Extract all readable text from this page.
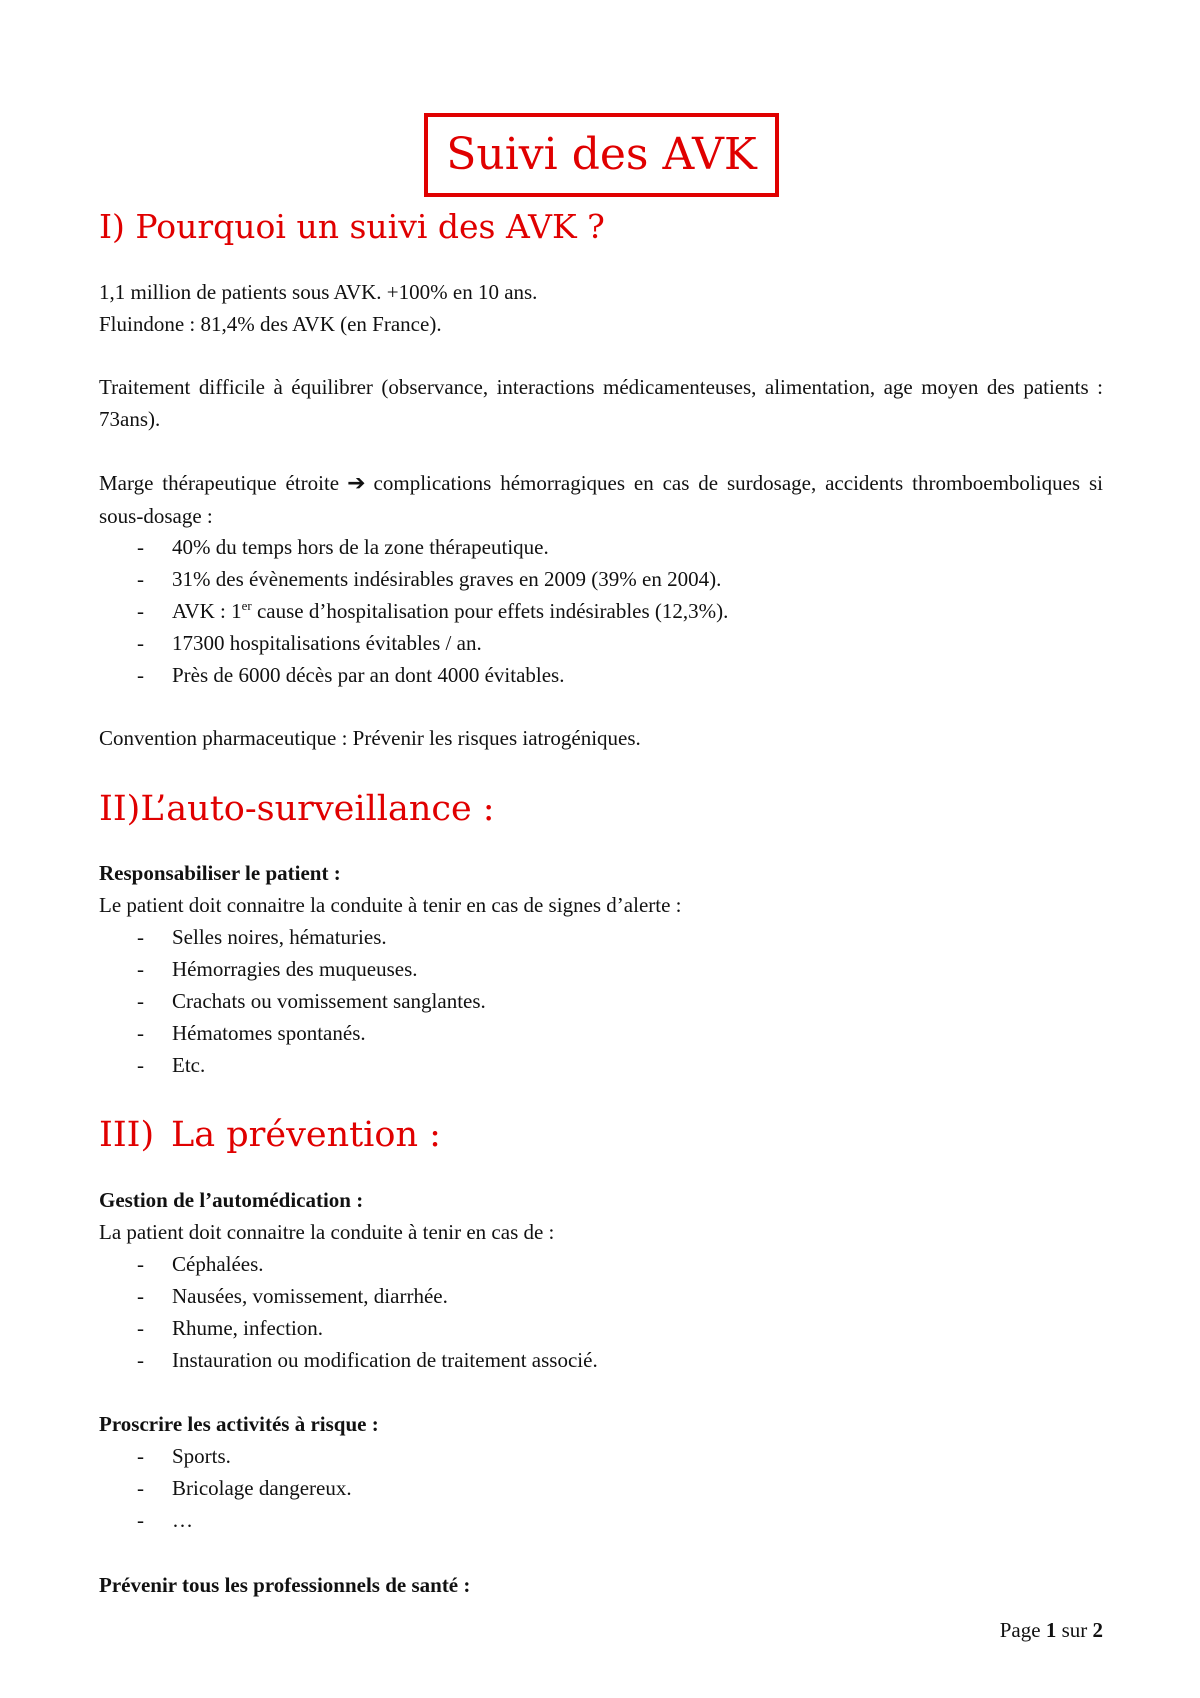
Suivi des AVK
I) Pourquoi un suivi des AVK ?
1,1 million de patients sous AVK. +100% en 10 ans.
Fluindone : 81,4% des AVK (en France).
Traitement difficile à équilibrer (observance, interactions médicamenteuses, alimentation, age moyen des patients : 73ans).
Marge thérapeutique étroite ➔ complications hémorragiques en cas de surdosage, accidents thromboemboliques si sous-dosage :
- 40% du temps hors de la zone thérapeutique.
- 31% des évènements indésirables graves en 2009 (39% en 2004).
- AVK : 1er cause d’hospitalisation pour effets indésirables (12,3%).
- 17300 hospitalisations évitables / an.
- Près de 6000 décès par an dont 4000 évitables.
Convention pharmaceutique : Prévenir les risques iatrogéniques.
II)L’auto-surveillance :
Responsabiliser le patient :
Le patient doit connaitre la conduite à tenir en cas de signes d’alerte :
- Selles noires, hématuries.
- Hémorragies des muqueuses.
- Crachats ou vomissement sanglantes.
- Hématomes spontanés.
- Etc.
III) La prévention :
Gestion de l’automédication :
La patient doit connaitre la conduite à tenir en cas de :
- Céphalées.
- Nausées, vomissement, diarrhée.
- Rhume, infection.
- Instauration ou modification de traitement associé.
Proscrire les activités à risque :
- Sports.
- Bricolage dangereux.
- …
Prévenir tous les professionnels de santé :
Page 1 sur 2
